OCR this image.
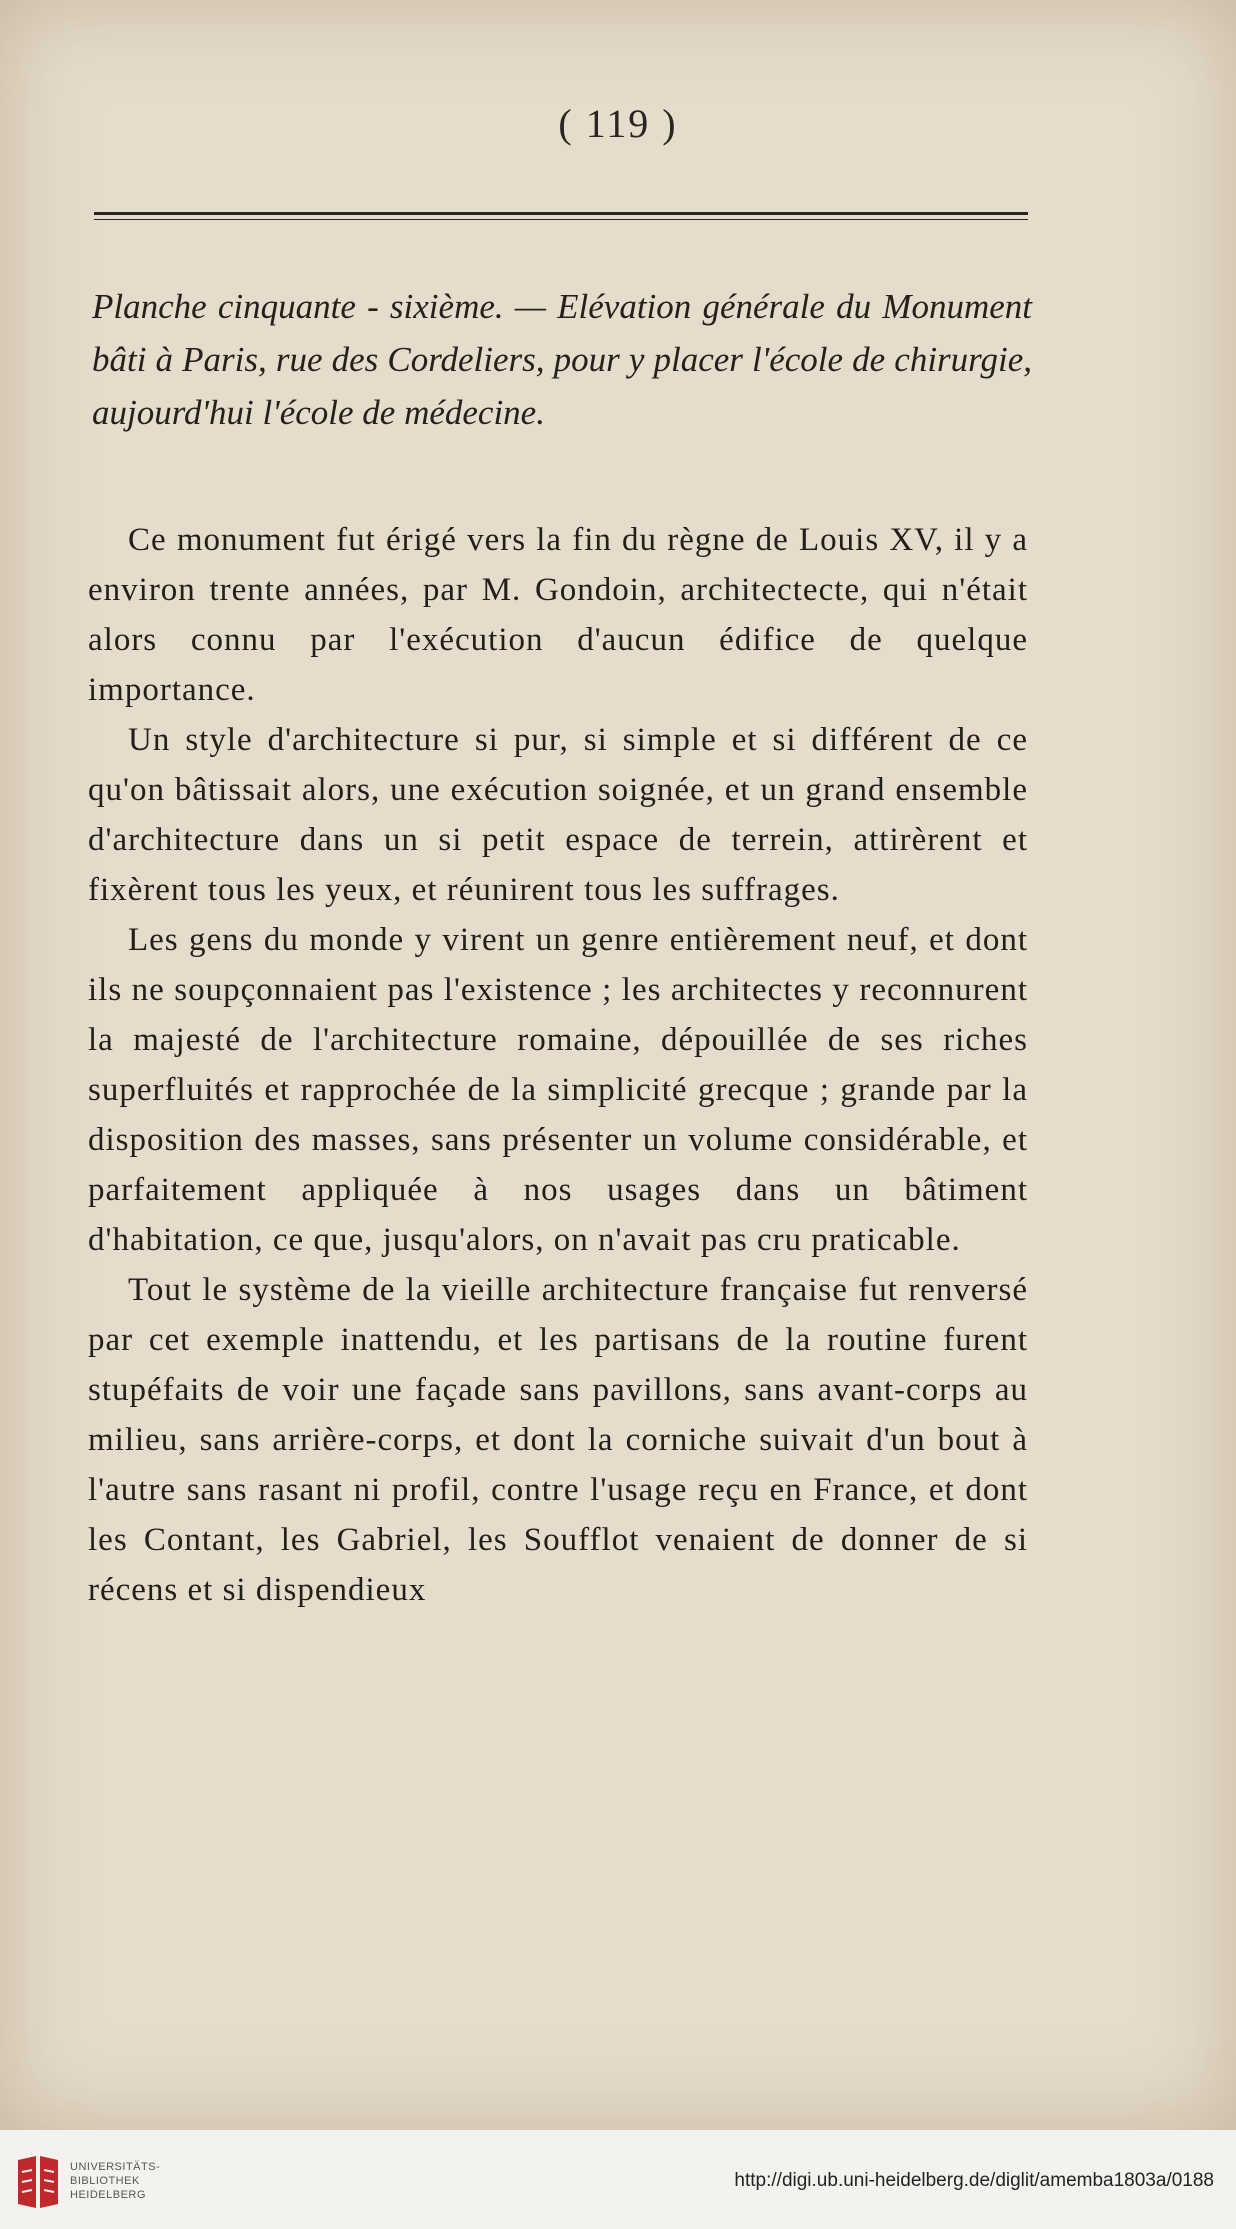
( 119 )
Planche cinquante - sixième. — Elévation générale du Monument bâti à Paris, rue des Cordeliers, pour y placer l'école de chirurgie, aujourd'hui l'école de médecine.

Ce monument fut érigé vers la fin du règne de Louis XV, il y a environ trente années, par M. Gondoin, architectecte, qui n'était alors connu par l'exécution d'aucun édifice de quelque importance.

Un style d'architecture si pur, si simple et si différent de ce qu'on bâtissait alors, une exécution soignée, et un grand ensemble d'architecture dans un si petit espace de terrein, attirèrent et fixèrent tous les yeux, et réunirent tous les suffrages.

Les gens du monde y virent un genre entièrement neuf, et dont ils ne soupçonnaient pas l'existence ; les architectes y reconnurent la majesté de l'architecture romaine, dépouillée de ses riches superfluités et rapprochée de la simplicité grecque ; grande par la disposition des masses, sans présenter un volume considérable, et parfaitement appliquée à nos usages dans un bâtiment d'habitation, ce que, jusqu'alors, on n'avait pas cru praticable.

Tout le système de la vieille architecture française fut renversé par cet exemple inattendu, et les partisans de la routine furent stupéfaits de voir une façade sans pavillons, sans avant-corps au milieu, sans arrière-corps, et dont la corniche suivait d'un bout à l'autre sans rasant ni profil, contre l'usage reçu en France, et dont les Contant, les Gabriel, les Soufflot venaient de donner de si récens et si dispendieux

UNIVERSITÄTS-
BIBLIOTHEK
HEIDELBERG
http://digi.ub.uni-heidelberg.de/diglit/amemba1803a/0188
